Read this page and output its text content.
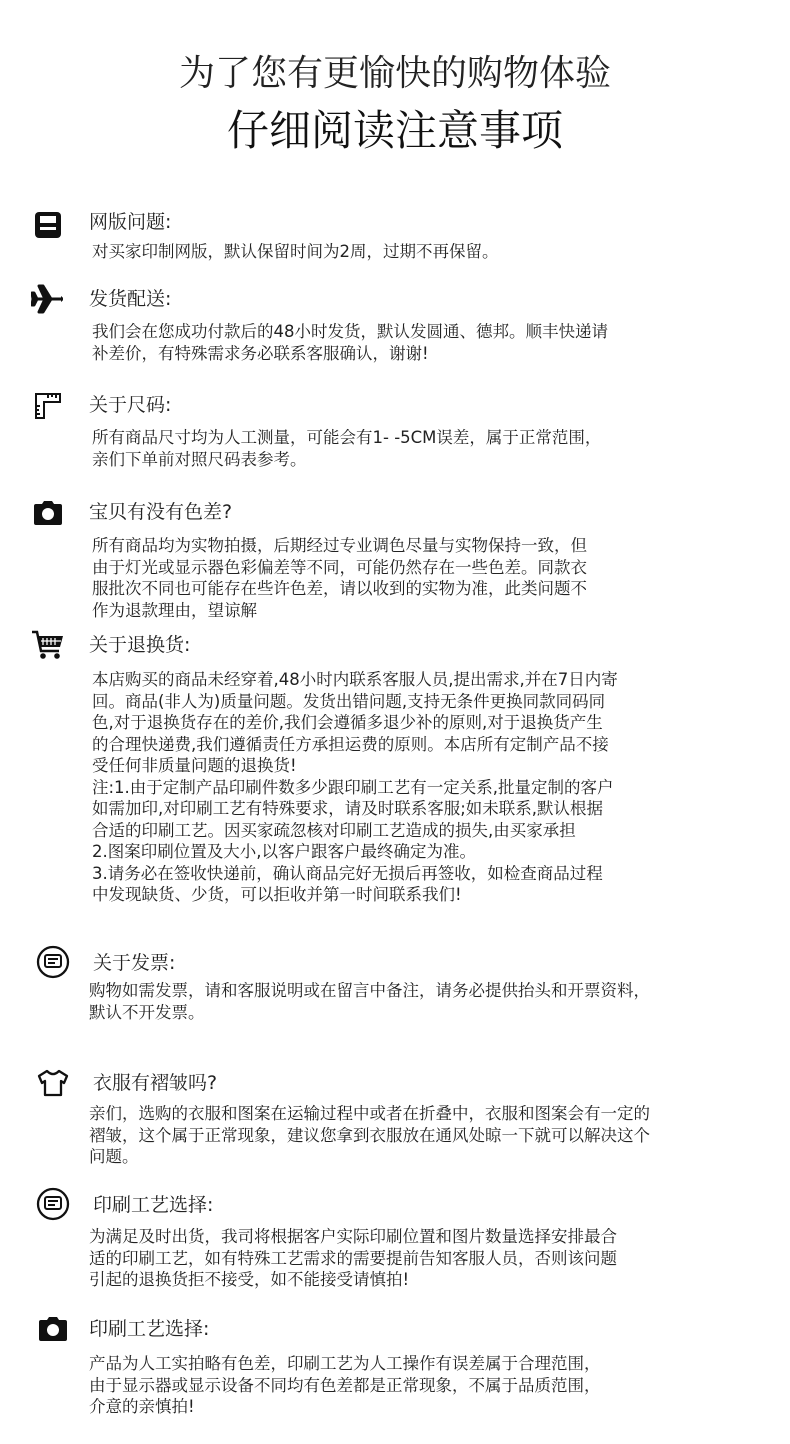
为了您有更愉快的购物体验
仔细阅读注意事项
网版问题:
对买家印制网版，默认保留时间为2周，过期不再保留。
发货配送:
我们会在您成功付款后的48小时发货，默认发圆通、德邦。顺丰快递请
补差价，有特殊需求务必联系客服确认，谢谢!
关于尺码:
所有商品尺寸均为人工测量，可能会有1- -5CM误差，属于正常范围，
亲们下单前对照尺码表参考。
宝贝有没有色差?
所有商品均为实物拍摄，后期经过专业调色尽量与实物保持一致，但
由于灯光或显示器色彩偏差等不同，可能仍然存在一些色差。同款衣
服批次不同也可能存在些许色差，请以收到的实物为准，此类问题不
作为退款理由，望谅解
关于退换货:
本店购买的商品未经穿着,48小时内联系客服人员,提出需求,并在7日内寄
回。商品(非人为)质量问题。发货出错问题,支持无条件更换同款同码同
色,对于退换货存在的差价,我们会遵循多退少补的原则,对于退换货产生
的合理快递费,我们遵循责任方承担运费的原则。本店所有定制产品不接
受任何非质量问题的退换货!
注:1.由于定制产品印刷件数多少跟印刷工艺有一定关系,批量定制的客户
如需加印,对印刷工艺有特殊要求，请及时联系客服;如未联系,默认根据
合适的印刷工艺。因买家疏忽核对印刷工艺造成的损失,由买家承担
2.图案印刷位置及大小,以客户跟客户最终确定为准。
3.请务必在签收快递前，确认商品完好无损后再签收，如检查商品过程
中发现缺货、少货，可以拒收并第一时间联系我们!
关于发票:
购物如需发票，请和客服说明或在留言中备注，请务必提供抬头和开票资料，
默认不开发票。
衣服有褶皱吗?
亲们，选购的衣服和图案在运输过程中或者在折叠中，衣服和图案会有一定的
褶皱，这个属于正常现象，建议您拿到衣服放在通风处晾一下就可以解决这个
问题。
印刷工艺选择:
为满足及时出货，我司将根据客户实际印刷位置和图片数量选择安排最合
适的印刷工艺，如有特殊工艺需求的需要提前告知客服人员，否则该问题
引起的退换货拒不接受，如不能接受请慎拍!
印刷工艺选择:
产品为人工实拍略有色差，印刷工艺为人工操作有误差属于合理范围，
由于显示器或显示设备不同均有色差都是正常现象，不属于品质范围，
介意的亲慎拍!
